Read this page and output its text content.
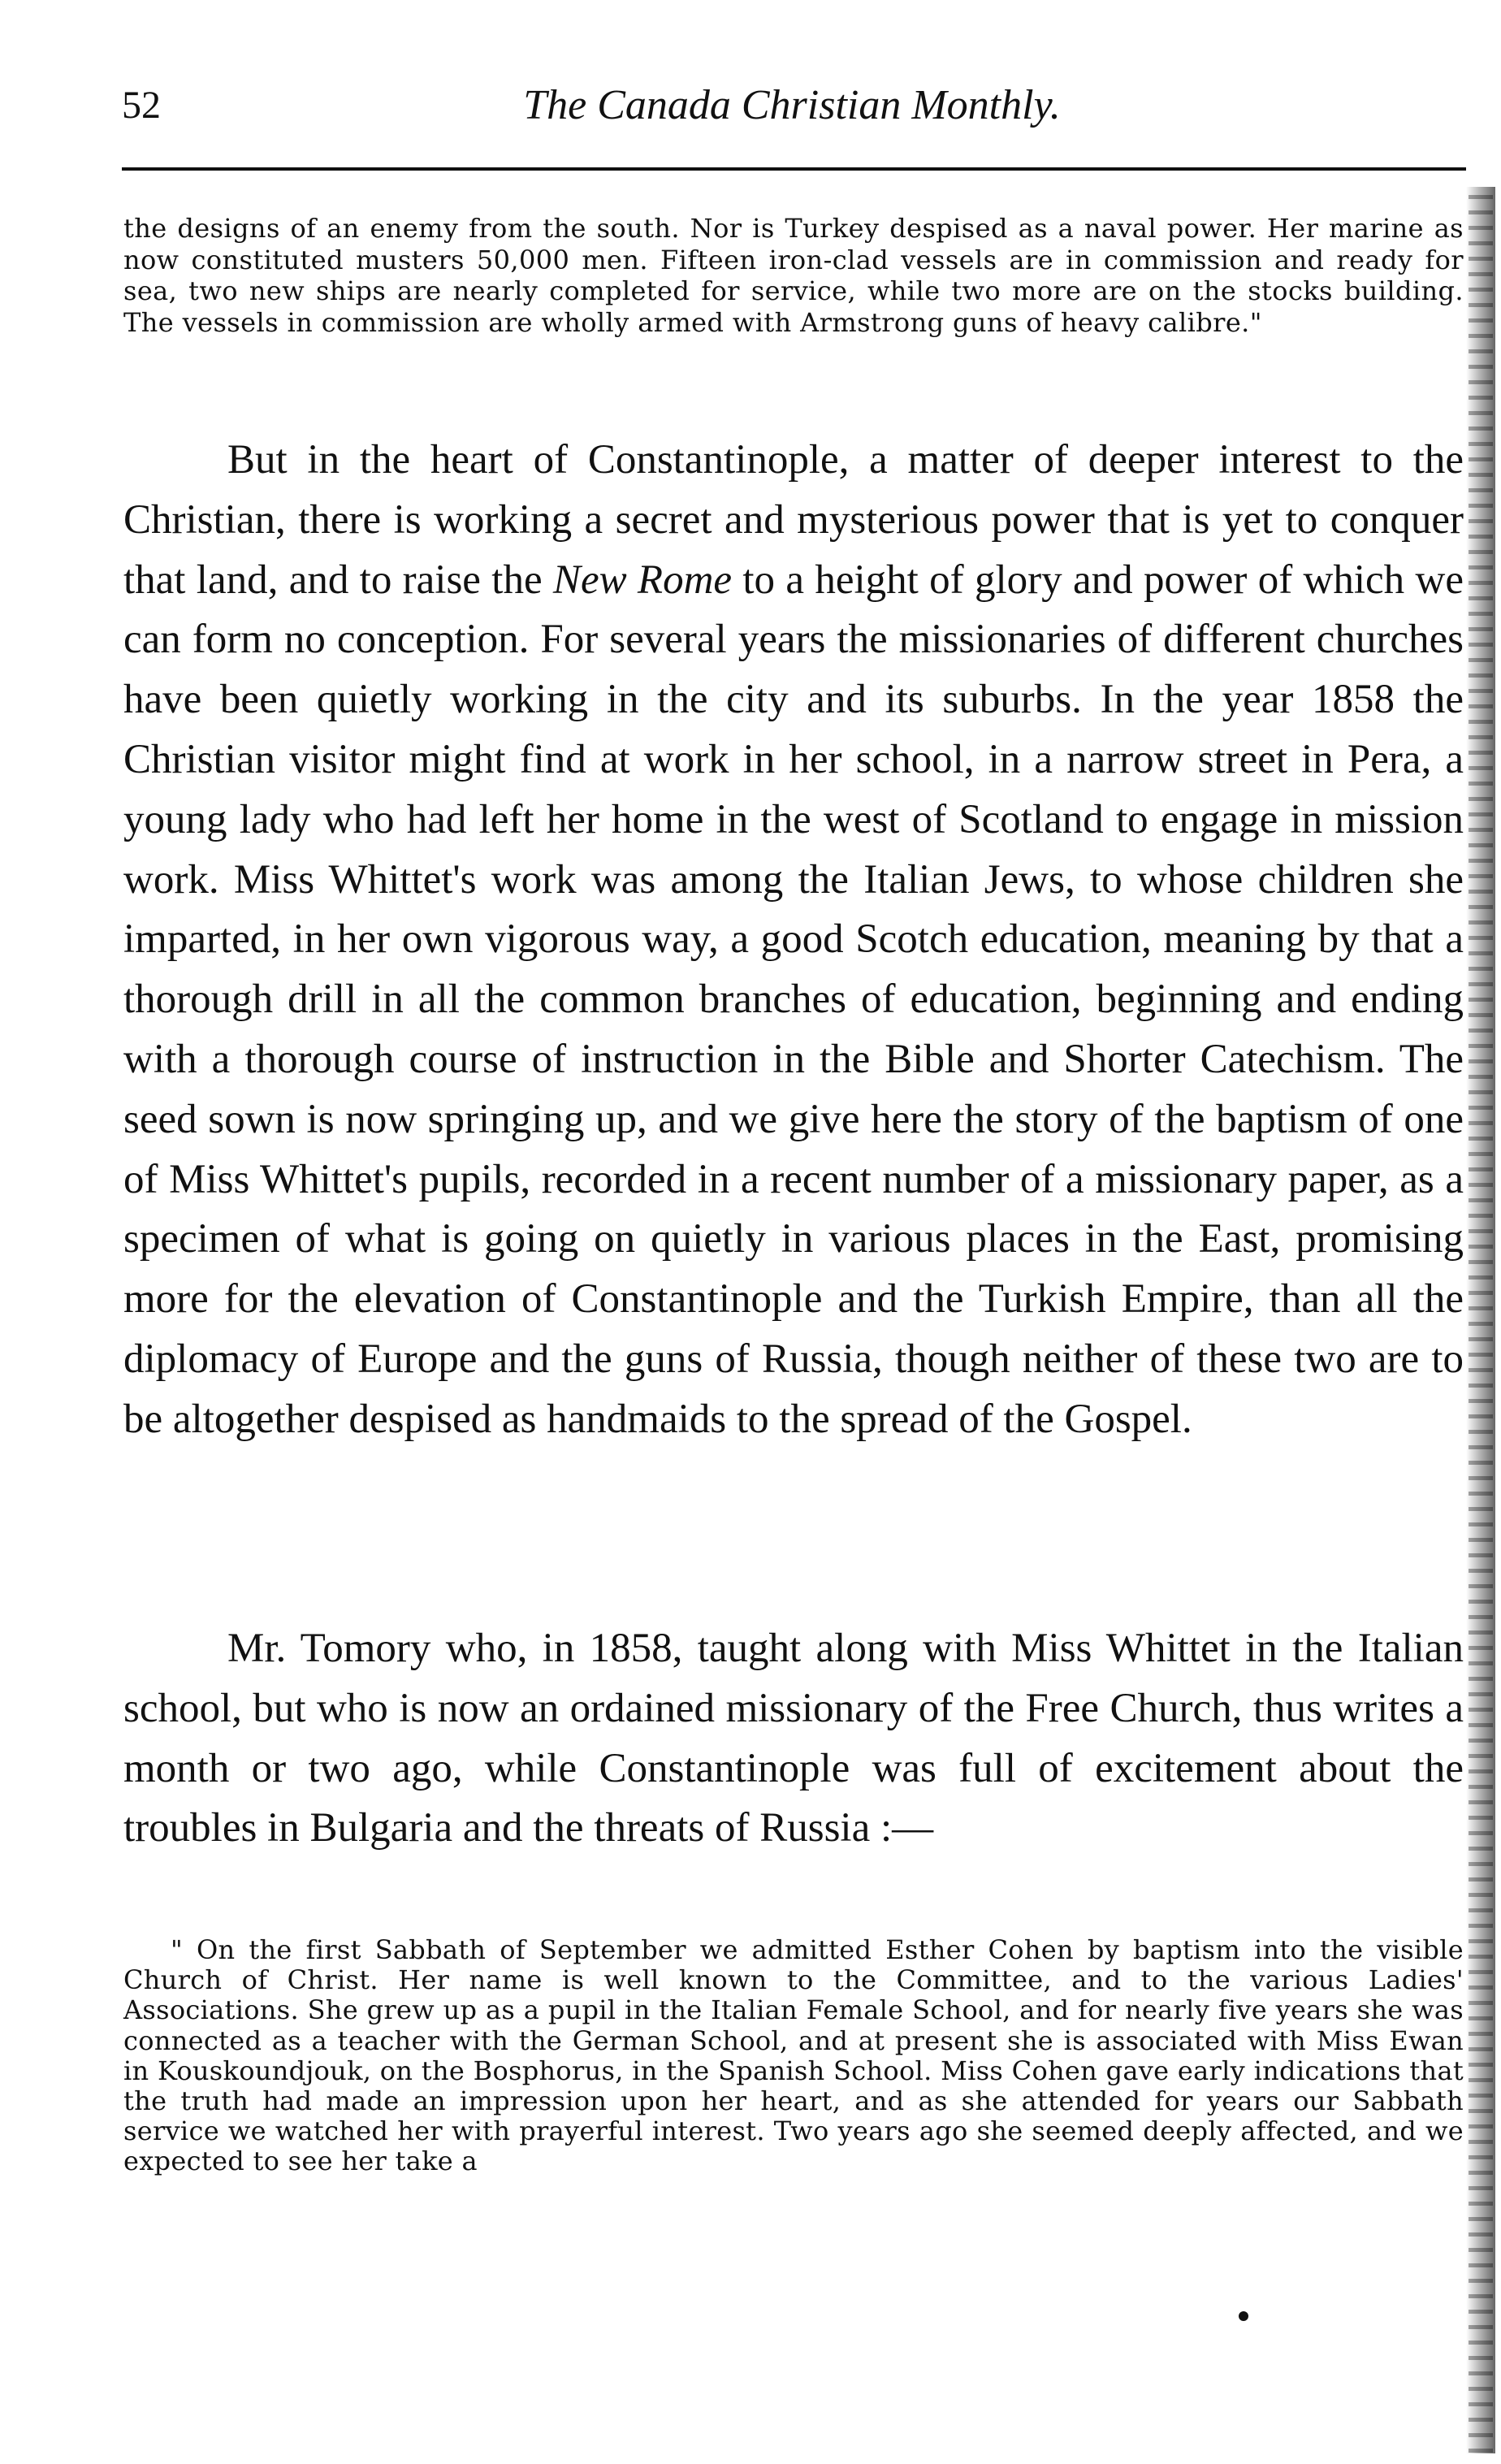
52	The Canada Christian Monthly.

the designs of an enemy from the south. Nor is Turkey despised as a naval power. Her marine as now constituted musters 50,000 men. Fifteen iron-clad vessels are in commission and ready for sea, two new ships are nearly completed for service, while two more are on the stocks building. The vessels in commission are wholly armed with Armstrong guns of heavy calibre."

But in the heart of Constantinople, a matter of deeper interest to the Christian, there is working a secret and mysterious power that is yet to conquer that land, and to raise the New Rome to a height of glory and power of which we can form no conception. For several years the missionaries of different churches have been quietly working in the city and its suburbs. In the year 1858 the Christian visitor might find at work in her school, in a narrow street in Pera, a young lady who had left her home in the west of Scotland to engage in mission work. Miss Whittet's work was among the Italian Jews, to whose children she imparted, in her own vigorous way, a good Scotch education, meaning by that a thorough drill in all the common branches of education, beginning and ending with a thorough course of instruction in the Bible and Shorter Catechism. The seed sown is now springing up, and we give here the story of the baptism of one of Miss Whittet's pupils, recorded in a recent number of a missionary paper, as a specimen of what is going on quietly in various places in the East, promising more for the elevation of Constantinople and the Turkish Empire, than all the diplomacy of Europe and the guns of Russia, though neither of these two are to be altogether despised as handmaids to the spread of the Gospel.

Mr. Tomory who, in 1858, taught along with Miss Whittet in the Italian school, but who is now an ordained missionary of the Free Church, thus writes a month or two ago, while Constantinople was full of excitement about the troubles in Bulgaria and the threats of Russia :—

" On the first Sabbath of September we admitted Esther Cohen by baptism into the visible Church of Christ. Her name is well known to the Committee, and to the various Ladies' Associations. She grew up as a pupil in the Italian Female School, and for nearly five years she was connected as a teacher with the German School, and at present she is associated with Miss Ewan in Kouskoundjouk, on the Bosphorus, in the Spanish School. Miss Cohen gave early indications that the truth had made an impression upon her heart, and as she attended for years our Sabbath service we watched her with prayerful interest. Two years ago she seemed deeply affected, and we expected to see her take a
